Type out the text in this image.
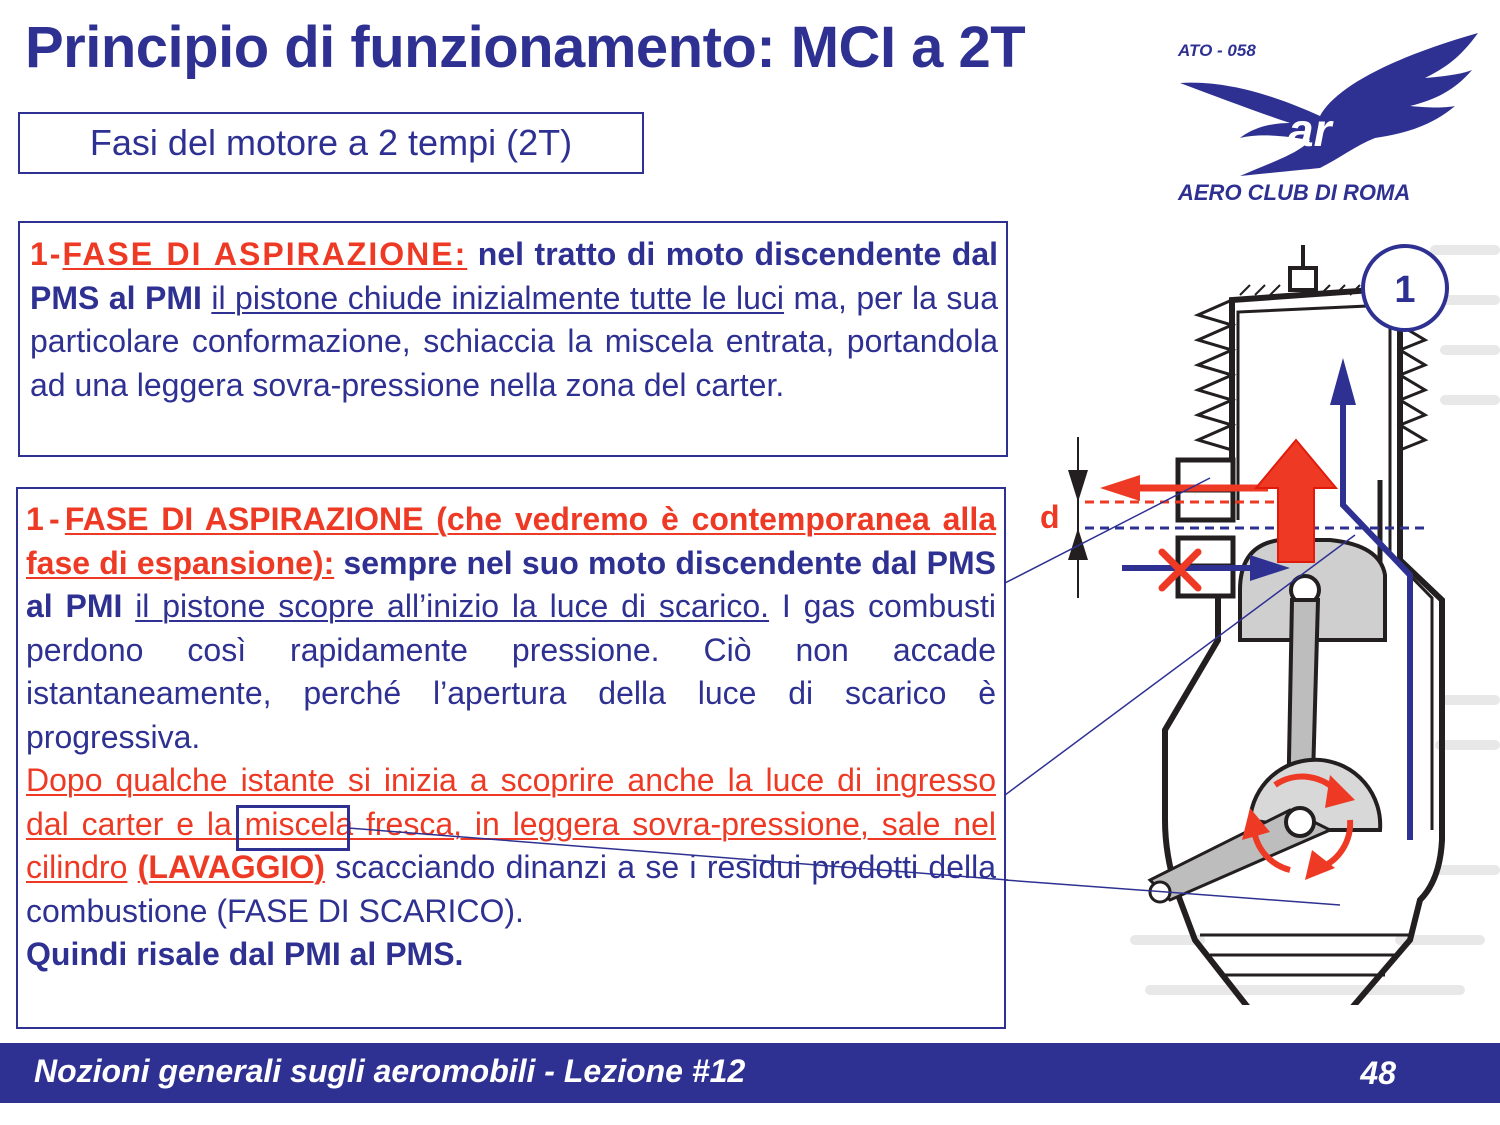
Principio di funzionamento: MCI a 2T
Fasi del motore a 2 tempi (2T)
ATO - 058
ar
AERO CLUB DI ROMA
1-FASE DI ASPIRAZIONE: nel tratto di moto discendente dal PMS al PMI il pistone chiude inizialmente tutte le luci ma, per la sua particolare conformazione, schiaccia la miscela entrata, portandola ad una leggera sovra-pressione nella zona del carter.
1-FASE DI ASPIRAZIONE (che vedremo è contemporanea alla fase di espansione): sempre nel suo moto discendente dal PMS al PMI il pistone scopre all’inizio la luce di scarico. I gas combusti perdono così rapidamente pressione. Ciò non accade istantaneamente, perché l’apertura della luce di scarico è progressiva.
Dopo qualche istante si inizia a scoprire anche la luce di ingresso dal carter e la miscela fresca, in leggera sovra-pressione, sale nel cilindro (LAVAGGIO) scacciando dinanzi a se i residui prodotti della combustione (FASE DI SCARICO).
Quindi risale dal PMI al PMS.
d
1
Nozioni generali sugli aeromobili - Lezione #12	48
